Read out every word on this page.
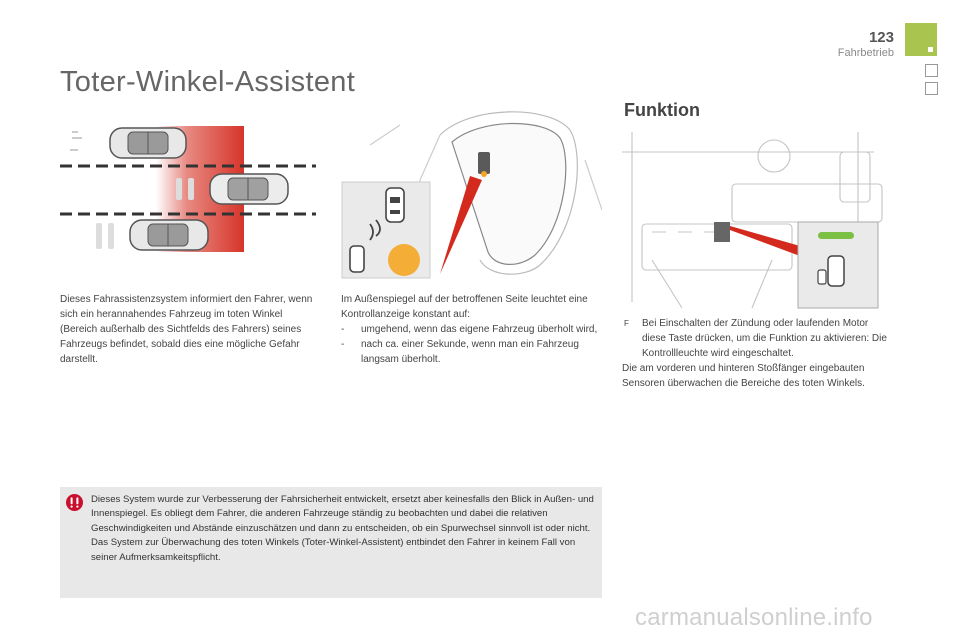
123
Fahrbetrieb
Toter-Winkel-Assistent

Dieses Fahrassistenzsystem informiert den Fahrer, wenn sich ein herannahendes Fahrzeug im toten Winkel (Bereich außerhalb des Sichtfelds des Fahrers) seines Fahrzeugs befindet, sobald dies eine mögliche Gefahr darstellt.

Im Außenspiegel auf der betroffenen Seite leuchtet eine Kontrollanzeige konstant auf:

- umgehend, wenn das eigene Fahrzeug überholt wird,
- nach ca. einer Sekunde, wenn man ein Fahrzeug langsam überholt.
Funktion
F Bei Einschalten der Zündung oder laufenden Motor diese Taste drücken, um die Funktion zu aktivieren: Die Kontrollleuchte wird eingeschaltet.

Die am vorderen und hinteren Stoßfänger eingebauten Sensoren überwachen die Bereiche des toten Winkels.

Dieses System wurde zur Verbesserung der Fahrsicherheit entwickelt, ersetzt aber keinesfalls den Blick in Außen- und Innenspiegel. Es obliegt dem Fahrer, die anderen Fahrzeuge ständig zu beobachten und dabei die relativen Geschwindigkeiten und Abstände einzuschätzen und dann zu entscheiden, ob ein Spurwechsel sinnvoll ist oder nicht.

Das System zur Überwachung des toten Winkels (Toter-Winkel-Assistent) entbindet den Fahrer in keinem Fall von seiner Aufmerksamkeitspflicht.

carmanualsonline.info
